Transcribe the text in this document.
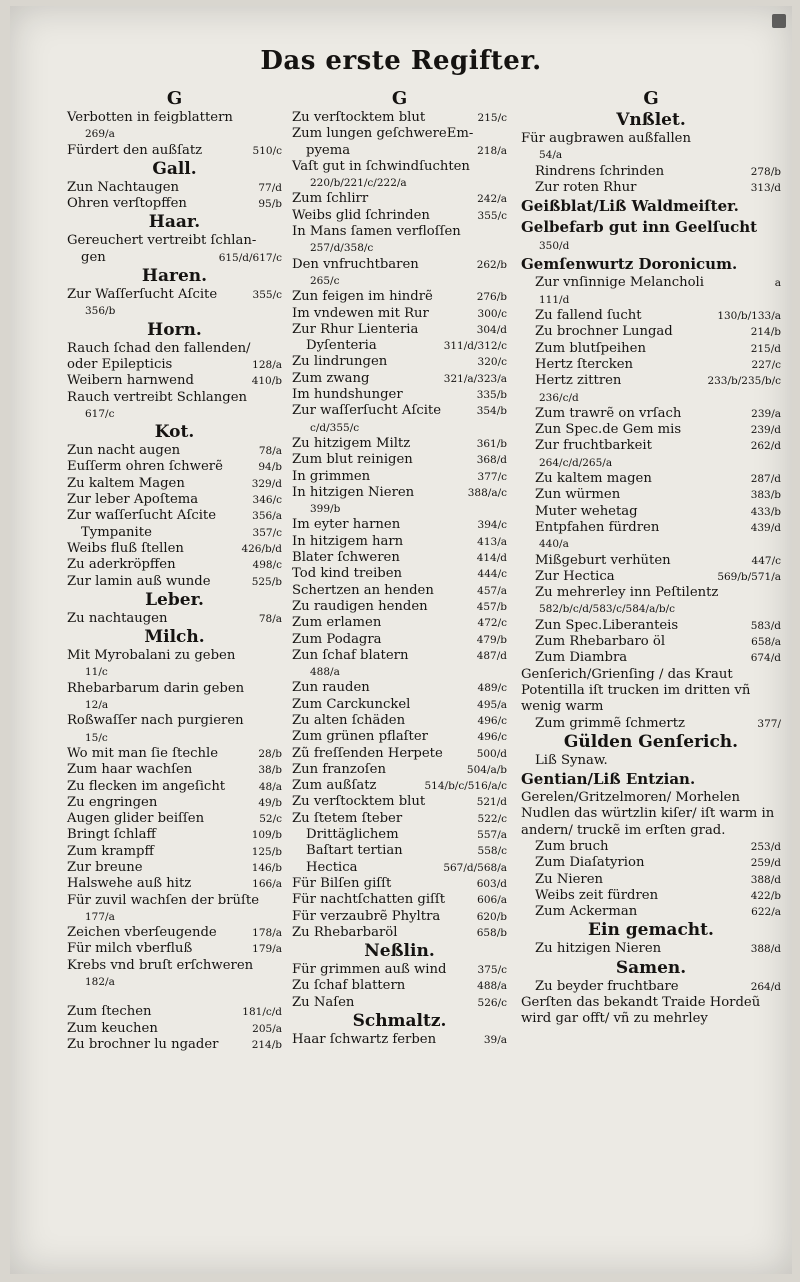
Das erste Regifter.
G
Verbotten in feigblattern
269/a
Fürdert den außſatz	510/c
Gall.
Zun Nachtaugen	77/d
Ohren verſtopffen	95/b
Haar.
Gereuchert vertreibt ſchlan-
gen	615/d/617/c
Haren.
Zur Waſſerſucht Aſcite	355/c
356/b
Horn.
Rauch ſchad den fallenden/
oder Epilepticis	128/a
Weibern harnwend	410/b
Rauch vertreibt Schlangen
617/c
Kot.
Zun nacht augen	78/a
Euſſerm ohren ſchwerẽ	94/b
Zu kaltem Magen	329/d
Zur leber Apoſtema	346/c
Zur waſſerſucht Aſcite	356/a
Tympanite	357/c
Weibs fluß ſtellen	426/b/d
Zu aderkröpffen	498/c
Zur lamin auß wunde	525/b
Leber.
Zu nachtaugen	78/a
Milch.
Mit Myrobalani zu geben
11/c
Rhebarbarum darin geben
12/a
Roßwaſſer nach purgieren
15/c
Wo mit man ſie ſtechle	28/b
Zum haar wachſen	38/b
Zu flecken im angeſicht	48/a
Zu engringen	49/b
Augen glider beiſſen	52/c
Bringt ſchlaff	109/b
Zum krampff	125/b
Zur breune	146/b
Halswehe auß hitz	166/a
Für zuvil wachſen der brüſte
177/a
Zeichen vberſeugende	178/a
Für milch vberfluß	179/a
Krebs vnd bruſt erſchweren
182/a
Zum ſtechen	181/c/d
Zum keuchen	205/a
Zu brochner lu ngader	214/b
G
Zu verſtocktem blut	215/c
Zum lungen geſchwereEm-
pyema	218/a
Vaſt gut in ſchwindſuchten
220/b/221/c/222/a
Zum ſchlirr	242/a
Weibs glid ſchrinden	355/c
In Mans ſamen verfloſſen
257/d/358/c
Den vnfruchtbaren	262/b
265/c
Zun feigen im hindrẽ	276/b
Im vndewen mit Rur	300/c
Zur Rhur Lienteria	304/d
Dyſenteria	311/d/312/c
Zu lindrungen	320/c
Zum zwang	321/a/323/a
Im hundshunger	335/b
Zur waſſerſucht Aſcite	354/b
c/d/355/c
Zu hitzigem Miltz	361/b
Zum blut reinigen	368/d
In grimmen	377/c
In hitzigen Nieren	388/a/c
399/b
Im eyter harnen	394/c
In hitzigem harn	413/a
Blater ſchweren	414/d
Tod kind treiben	444/c
Schertzen an henden	457/a
Zu raudigen henden	457/b
Zum erlamen	472/c
Zum Podagra	479/b
Zun ſchaf blatern	487/d
488/a
Zun rauden	489/c
Zum Carckunckel	495/a
Zu alten ſchäden	496/c
Zum grünen pflaſter	496/c
Zũ freſſenden Herpete	500/d
Zun franzoſen	504/a/b
Zum außſatz	514/b/c/516/a/c
Zu verſtocktem blut	521/d
Zu ſtetem ſteber	522/c
Drittäglichem	557/a
Baſtart tertian	558/c
Hectica	567/d/568/a
Für Bilſen giſſt	603/d
Für nachtſchatten giſſt	606/a
Für verzaubrẽ Phyltra	620/b
Zu Rhebarbaröl	658/b
Neßlin.
Für grimmen auß wind	375/c
Zu ſchaf blattern	488/a
Zu Naſen	526/c
Schmaltz.
Haar ſchwartz ferben	39/a
G
Vnßlet.
Für augbrawen außfallen
54/a
Rindrens ſchrinden	278/b
Zur roten Rhur	313/d
Geißblat/Liß Waldmeiſter.
Gelbefarb gut inn Geelſucht
350/d
Gemſenwurtz Doronicum.
Zur vnſinnige Melancholi	a
111/d
Zu fallend ſucht	130/b/133/a
Zu brochner Lungad	214/b
Zum blutſpeihen	215/d
Hertz ſtercken	227/c
Hertz zittren	233/b/235/b/c
236/c/d
Zum trawrẽ on vrſach	239/a
Zun Spec.de Gem mis	239/d
Zur fruchtbarkeit	262/d
264/c/d/265/a
Zu kaltem magen	287/d
Zun würmen	383/b
Muter wehetag	433/b
Entpfahen fürdren	439/d
440/a
Mißgeburt verhüten	447/c
Zur Hectica	569/b/571/a
Zu mehrerley inn Peſtilentz
582/b/c/d/583/c/584/a/b/c
Zun Spec.Liberanteis	583/d
Zum Rhebarbaro öl	658/a
Zum Diambra	674/d
Genſerich/Grienſing / das Kraut Potentilla iſt trucken im dritten vñ wenig warm
Zum grimmẽ ſchmertz	377/
Gülden Genſerich.
Liß Synaw.
Gentian/Liß Entzian.
Gerelen/Gritzelmoren/ Morhelen Nudlen das würtzlin kiſer/ iſt warm in andern/ truckẽ im erſten grad.
Zum bruch	253/d
Zum Diaſatyrion	259/d
Zu Nieren	388/d
Weibs zeit fürdren	422/b
Zum Ackerman	622/a
Ein gemacht.
Zu hitzigen Nieren	388/d
Samen.
Zu beyder fruchtbare	264/d
Gerſten das bekandt Traide Hordeũ wird gar offt/ vñ zu mehrley
